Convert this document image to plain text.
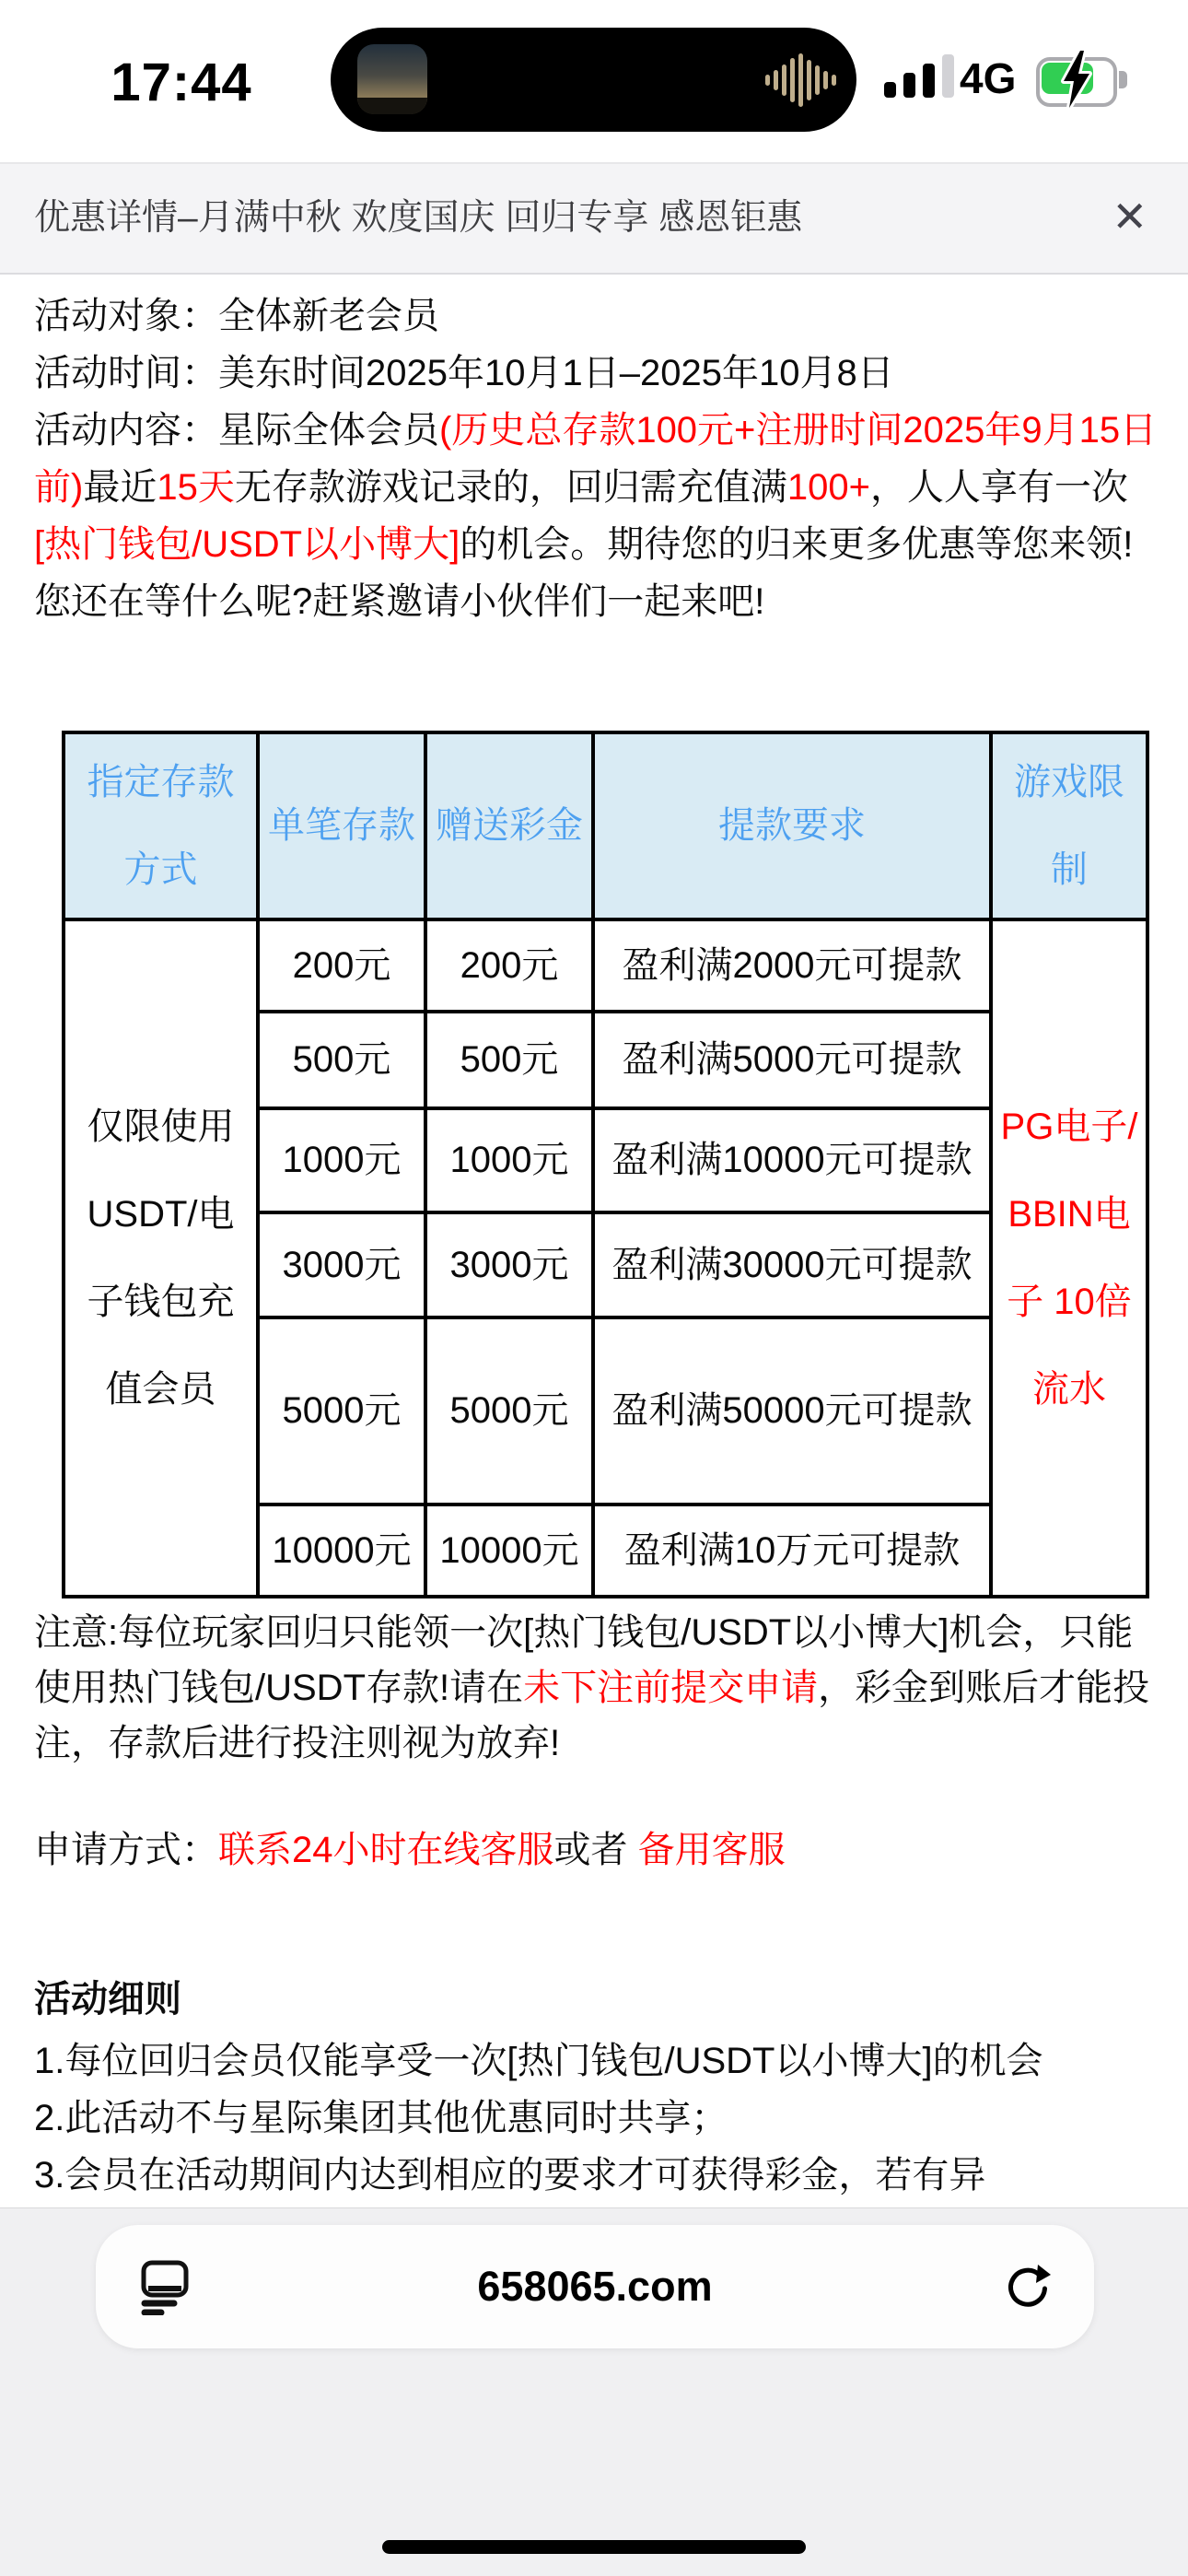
17:44	4G
优惠详情–月满中秋 欢度国庆 回归专享 感恩钜惠	✕
活动对象：全体新老会员
活动时间：美东时间2025年10月1日–2025年10月8日
活动内容：星际全体会员(历史总存款100元+注册时间2025年9月15日前)最近15天无存款游戏记录的，回归需充值满100+，人人享有一次[热门钱包/USDT以小博大]的机会。期待您的归来更多优惠等您来领!您还在等什么呢?赶紧邀请小伙伴们一起来吧!
指定存款方式	单笔存款	赠送彩金	提款要求	游戏限制
仅限使用USDT/电子钱包充值会员	200元	200元	盈利满2000元可提款	PG电子/ BBIN电子 10倍流水
	500元	500元	盈利满5000元可提款	
	1000元	1000元	盈利满10000元可提款	
	3000元	3000元	盈利满30000元可提款	
	5000元	5000元	盈利满50000元可提款	
	10000元	10000元	盈利满10万元可提款	
注意:每位玩家回归只能领一次[热门钱包/USDT以小博大]机会，只能使用热门钱包/USDT存款!请在未下注前提交申请，彩金到账后才能投注，存款后进行投注则视为放弃!
申请方式：联系24小时在线客服或者 备用客服
活动细则
1.每位回归会员仅能享受一次[热门钱包/USDT以小博大]的机会
2.此活动不与星际集团其他优惠同时共享；
3.会员在活动期间内达到相应的要求才可获得彩金，若有异
658065.com
